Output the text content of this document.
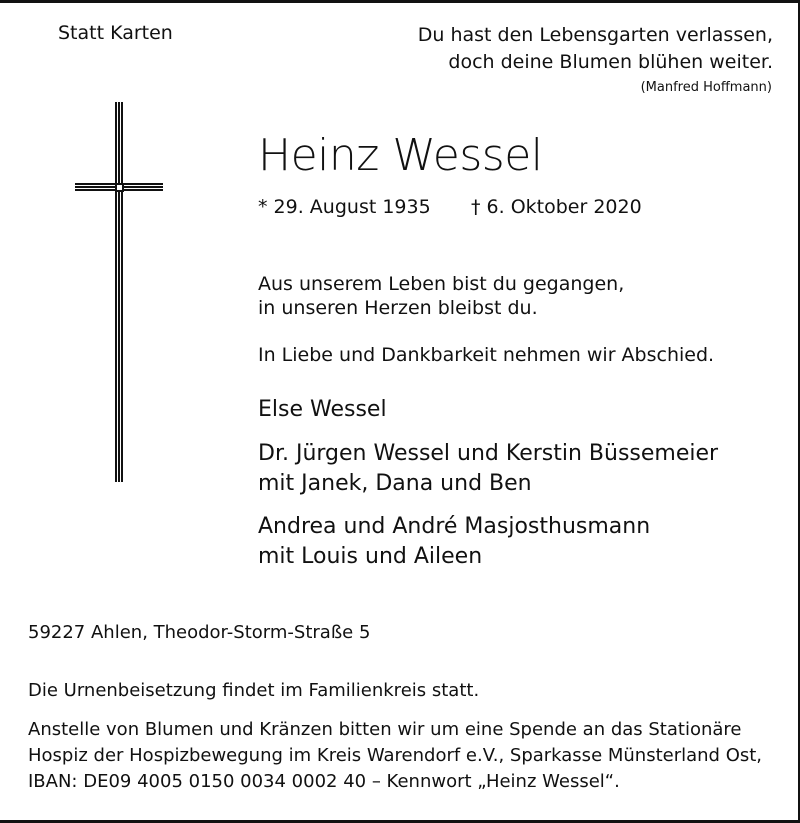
Statt Karten	Du hast den Lebensgarten verlassen,
doch deine Blumen blühen weiter.
(Manfred Hoffmann)
Heinz Wessel
* 29. August 1935 † 6. Oktober 2020
Aus unserem Leben bist du gegangen,
in unseren Herzen bleibst du.
In Liebe und Dankbarkeit nehmen wir Abschied.
Else Wessel
Dr. Jürgen Wessel und Kerstin Büssemeier
mit Janek, Dana und Ben
Andrea und André Masjosthusmann
mit Louis und Aileen
59227 Ahlen, Theodor-Storm-Straße 5
Die Urnenbeisetzung findet im Familienkreis statt.
Anstelle von Blumen und Kränzen bitten wir um eine Spende an das Stationäre
Hospiz der Hospizbewegung im Kreis Warendorf e.V., Sparkasse Münsterland Ost,
IBAN: DE09 4005 0150 0034 0002 40 – Kennwort „Heinz Wessel“.
